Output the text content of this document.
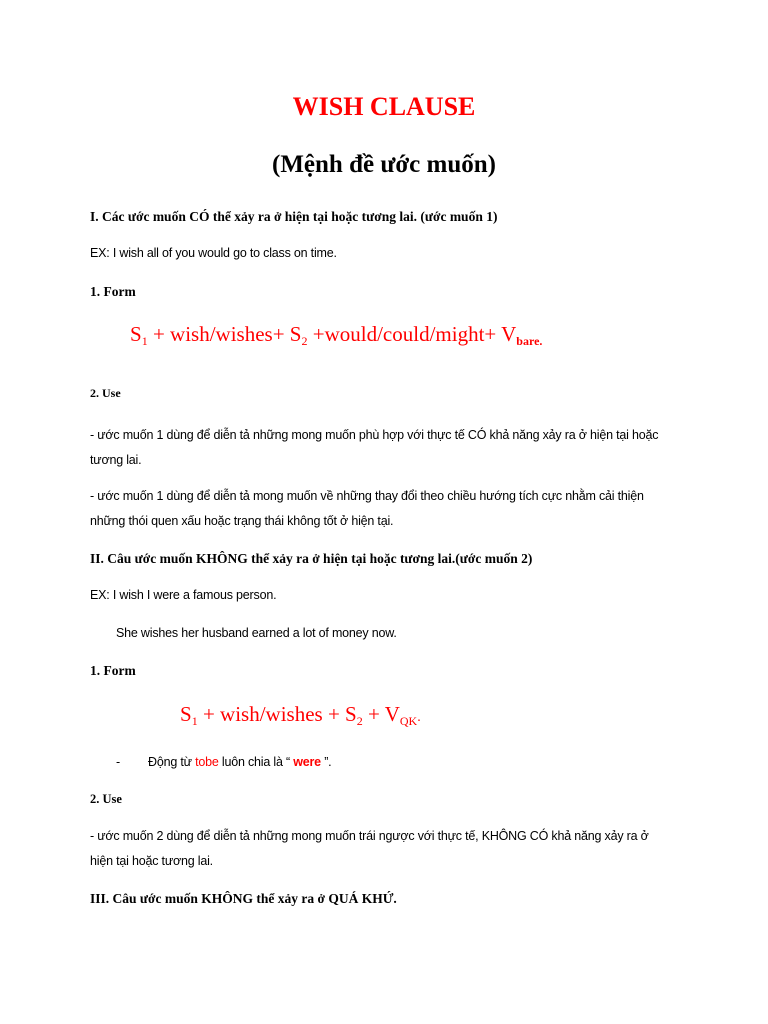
WISH CLAUSE
(Mệnh đề ước muốn)
I. Các ước muốn CÓ thể xảy ra ở hiện tại hoặc tương lai. (ước muốn 1)
EX: I wish all of you would go to class on time.
1. Form
$S_1$ + wish/wishes+ $S_2$ +would/could/might+ $V_{bare.}$
2. Use
- ước muốn 1 dùng để diễn tả những mong muốn phù hợp với thực tế CÓ khả năng xảy ra ở hiện tại hoặc
tương lai.
- ước muốn 1 dùng để diễn tả mong muốn về những thay đổi theo chiều hướng tích cực nhằm cải thiện
những thói quen xấu hoặc trạng thái không tốt ở hiện tại.
II. Câu ước muốn KHÔNG thể xảy ra ở hiện tại hoặc tương lai.(ước muốn 2)
EX: I wish I were a famous person.
She wishes her husband earned a lot of money now.
1. Form
$S_1$ + wish/wishes + $S_2 + V_{QK}$.
- Động từ tobe luôn chia là “ were ”.
2. Use
- ước muốn 2 dùng để diễn tả những mong muốn trái ngược với thực tế, KHÔNG CÓ khả năng xảy ra ở
hiện tại hoặc tương lai.
III. Câu ước muốn KHÔNG thể xảy ra ở QUÁ KHỨ.
